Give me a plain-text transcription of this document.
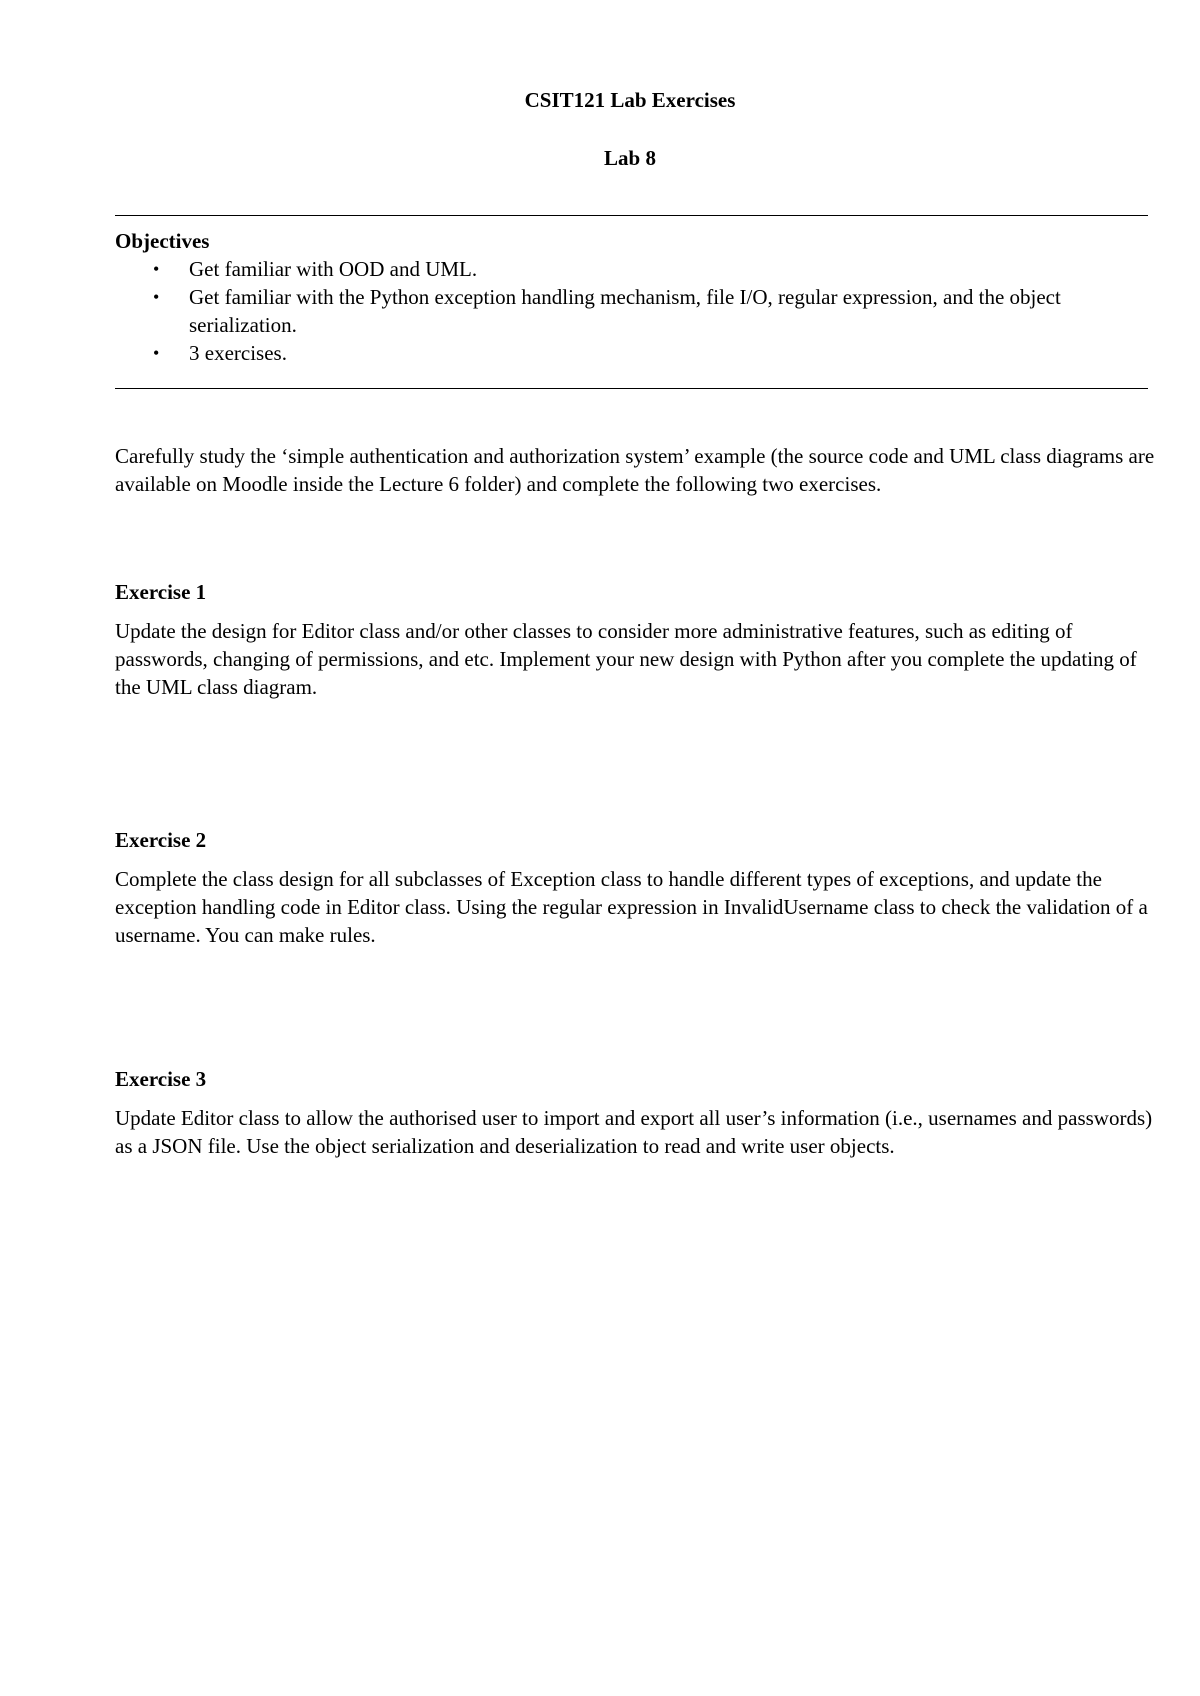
CSIT121 Lab Exercises
Lab 8
Objectives
• Get familiar with OOD and UML.
• Get familiar with the Python exception handling mechanism, file I/O, regular expression, and the object serialization.
• 3 exercises.
Carefully study the ‘simple authentication and authorization system’ example (the source code and UML class diagrams are available on Moodle inside the Lecture 6 folder) and complete the following two exercises.
Exercise 1
Update the design for Editor class and/or other classes to consider more administrative features, such as editing of passwords, changing of permissions, and etc. Implement your new design with Python after you complete the updating of the UML class diagram.
Exercise 2
Complete the class design for all subclasses of Exception class to handle different types of exceptions, and update the exception handling code in Editor class. Using the regular expression in InvalidUsername class to check the validation of a username. You can make rules.
Exercise 3
Update Editor class to allow the authorised user to import and export all user’s information (i.e., usernames and passwords) as a JSON file. Use the object serialization and deserialization to read and write user objects.
